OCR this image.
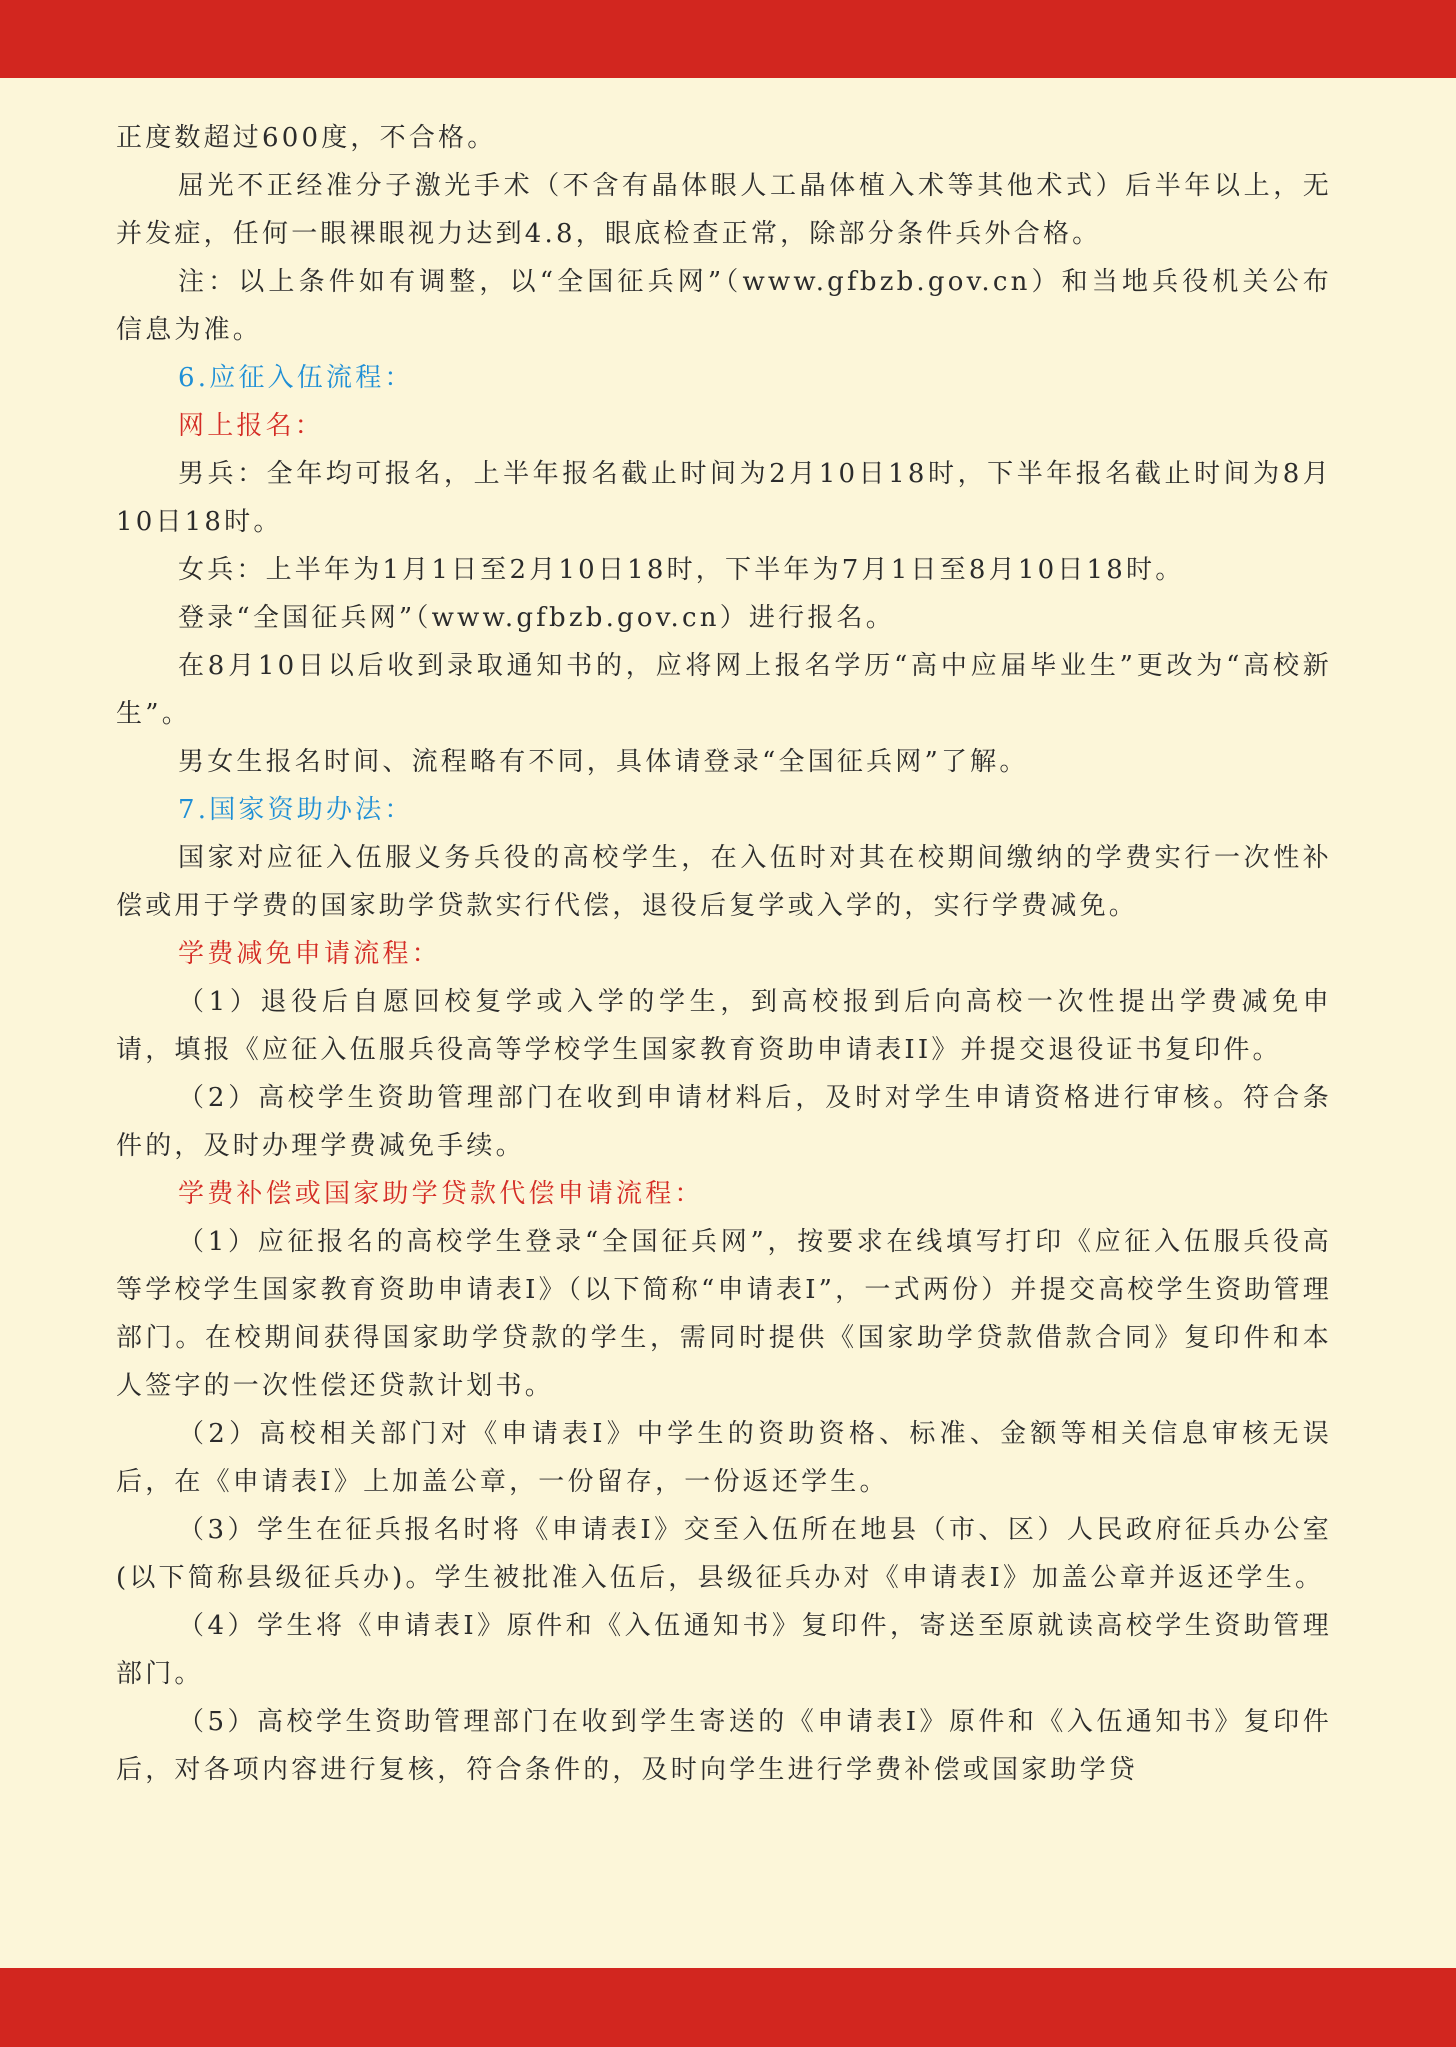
正度数超过600度，不合格。

屈光不正经准分子激光手术（不含有晶体眼人工晶体植入术等其他术式）后半年以上，无并发症，任何一眼裸眼视力达到4.8，眼底检查正常，除部分条件兵外合格。

注：以上条件如有调整，以“全国征兵网”（www.gfbzb.gov.cn）和当地兵役机关公布信息为准。

6.应征入伍流程：

网上报名：

男兵：全年均可报名，上半年报名截止时间为2月10日18时，下半年报名截止时间为8月10日18时。

女兵：上半年为1月1日至2月10日18时，下半年为7月1日至8月10日18时。

登录“全国征兵网”（www.gfbzb.gov.cn）进行报名。

在8月10日以后收到录取通知书的，应将网上报名学历“高中应届毕业生”更改为“高校新生”。

男女生报名时间、流程略有不同，具体请登录“全国征兵网”了解。

7.国家资助办法：

国家对应征入伍服义务兵役的高校学生，在入伍时对其在校期间缴纳的学费实行一次性补偿或用于学费的国家助学贷款实行代偿，退役后复学或入学的，实行学费减免。

学费减免申请流程：

（1）退役后自愿回校复学或入学的学生，到高校报到后向高校一次性提出学费减免申请，填报《应征入伍服兵役高等学校学生国家教育资助申请表II》并提交退役证书复印件。

（2）高校学生资助管理部门在收到申请材料后，及时对学生申请资格进行审核。符合条件的，及时办理学费减免手续。

学费补偿或国家助学贷款代偿申请流程：

（1）应征报名的高校学生登录“全国征兵网”，按要求在线填写打印《应征入伍服兵役高等学校学生国家教育资助申请表I》（以下简称“申请表I”，一式两份）并提交高校学生资助管理部门。在校期间获得国家助学贷款的学生，需同时提供《国家助学贷款借款合同》复印件和本人签字的一次性偿还贷款计划书。

（2）高校相关部门对《申请表I》中学生的资助资格、标准、金额等相关信息审核无误后，在《申请表I》上加盖公章，一份留存，一份返还学生。

（3）学生在征兵报名时将《申请表I》交至入伍所在地县（市、区）人民政府征兵办公室(以下简称县级征兵办)。学生被批准入伍后，县级征兵办对《申请表I》加盖公章并返还学生。

（4）学生将《申请表I》原件和《入伍通知书》复印件，寄送至原就读高校学生资助管理部门。

（5）高校学生资助管理部门在收到学生寄送的《申请表I》原件和《入伍通知书》复印件后，对各项内容进行复核，符合条件的，及时向学生进行学费补偿或国家助学贷
